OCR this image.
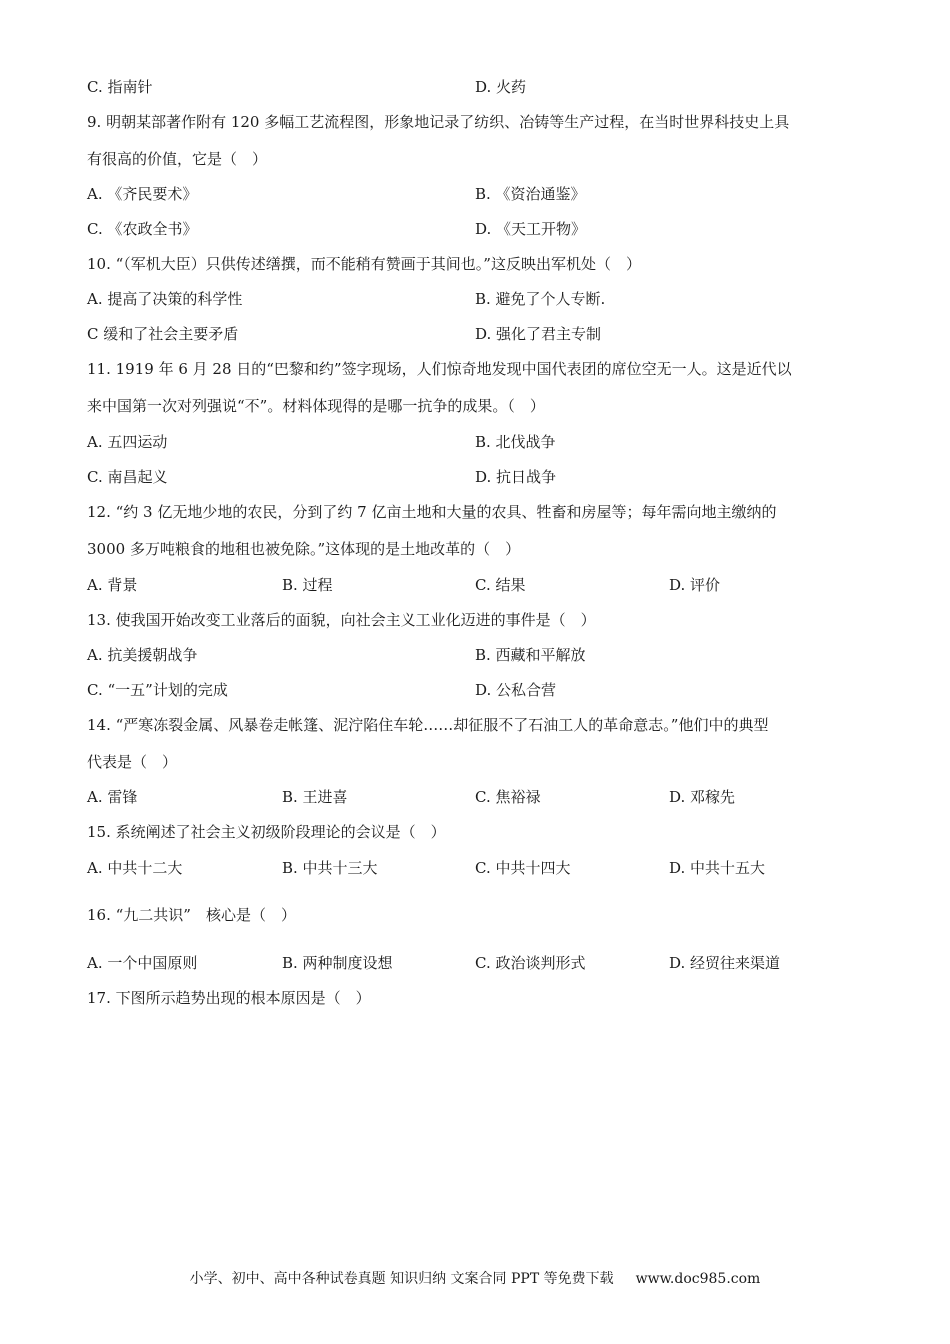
C. 指南针	D. 火药
9. 明朝某部著作附有 120 多幅工艺流程图，形象地记录了纺织、冶铸等生产过程，在当时世界科技史上具
有很高的价值，它是（　）
A. 《齐民要术》	B. 《资治通鉴》
C. 《农政全书》	D. 《天工开物》
10. “（军机大臣）只供传述缮撰，而不能稍有赞画于其间也。”这反映出军机处（　）
A. 提高了决策的科学性	B. 避免了个人专断.
C 缓和了社会主要矛盾	D. 强化了君主专制
11. 1919 年 6 月 28 日的“巴黎和约”签字现场，人们惊奇地发现中国代表团的席位空无一人。这是近代以
来中国第一次对列强说“不”。材料体现得的是哪一抗争的成果。（　）
A. 五四运动	B. 北伐战争
C. 南昌起义	D. 抗日战争
12. “约 3 亿无地少地的农民，分到了约 7 亿亩土地和大量的农具、牲畜和房屋等；每年需向地主缴纳的
3000 多万吨粮食的地租也被免除。”这体现的是土地改革的（　）
A. 背景	B. 过程	C. 结果	D. 评价
13. 使我国开始改变工业落后的面貌，向社会主义工业化迈进的事件是（　）
A. 抗美援朝战争	B. 西藏和平解放
C. “一五”计划的完成	D. 公私合营
14. “严寒冻裂金属、风暴卷走帐篷、泥泞陷住车轮……却征服不了石油工人的革命意志。”他们中的典型
代表是（　）
A. 雷锋	B. 王进喜	C. 焦裕禄	D. 邓稼先
15. 系统阐述了社会主义初级阶段理论的会议是（　）
A. 中共十二大	B. 中共十三大	C. 中共十四大	D. 中共十五大
16. “九二共识”　核心是（　）
A. 一个中国原则	B. 两种制度设想	C. 政治谈判形式	D. 经贸往来渠道
17. 下图所示趋势出现的根本原因是（　）
小学、初中、高中各种试卷真题 知识归纳 文案合同 PPT 等免费下载 www.doc985.com
